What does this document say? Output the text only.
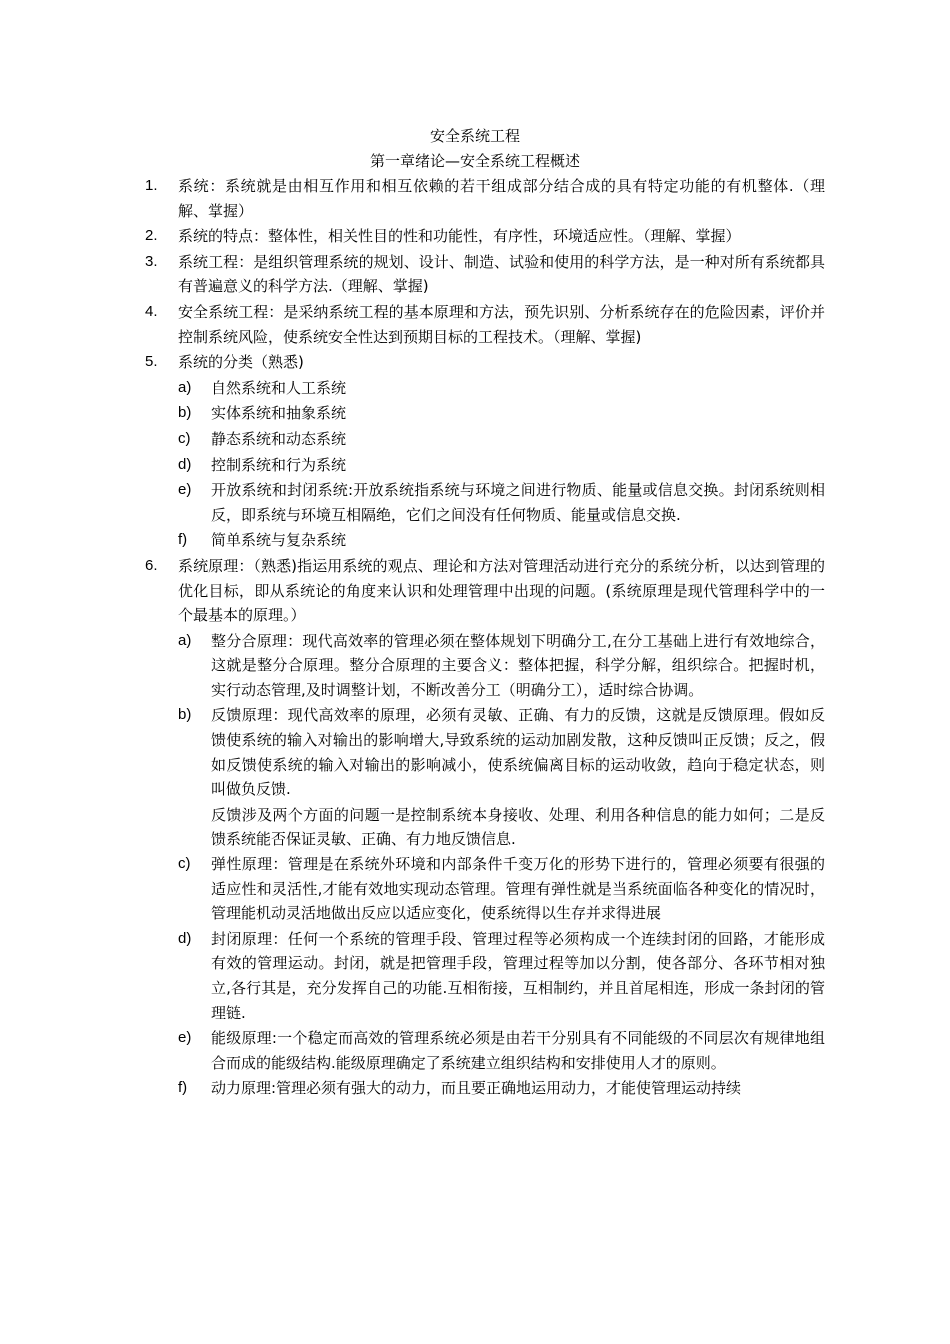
安全系统工程
第一章绪论—安全系统工程概述
1. 系统：系统就是由相互作用和相互依赖的若干组成部分结合成的具有特定功能的有机整体.（理解、掌握）
2. 系统的特点：整体性，相关性目的性和功能性，有序性，环境适应性。（理解、掌握）
3. 系统工程：是组织管理系统的规划、设计、制造、试验和使用的科学方法，是一种对所有系统都具有普遍意义的科学方法.（理解、掌握)
4. 安全系统工程：是采纳系统工程的基本原理和方法，预先识别、分析系统存在的危险因素，评价并控制系统风险，使系统安全性达到预期目标的工程技术。（理解、掌握)
5. 系统的分类（熟悉)
a) 自然系统和人工系统
b) 实体系统和抽象系统
c) 静态系统和动态系统
d) 控制系统和行为系统
e) 开放系统和封闭系统:开放系统指系统与环境之间进行物质、能量或信息交换。封闭系统则相反，即系统与环境互相隔绝，它们之间没有任何物质、能量或信息交换.
f) 简单系统与复杂系统
6. 系统原理：（熟悉)指运用系统的观点、理论和方法对管理活动进行充分的系统分析，以达到管理的优化目标，即从系统论的角度来认识和处理管理中出现的问题。(系统原理是现代管理科学中的一个最基本的原理。）
a) 整分合原理：现代高效率的管理必须在整体规划下明确分工,在分工基础上进行有效地综合，这就是整分合原理。整分合原理的主要含义：整体把握，科学分解，组织综合。把握时机，实行动态管理,及时调整计划，不断改善分工（明确分工），适时综合协调。
b) 反馈原理：现代高效率的原理，必须有灵敏、正确、有力的反馈，这就是反馈原理。假如反馈使系统的输入对输出的影响增大,导致系统的运动加剧发散，这种反馈叫正反馈；反之，假如反馈使系统的输入对输出的影响减小，使系统偏离目标的运动收敛，趋向于稳定状态，则叫做负反馈.
反馈涉及两个方面的问题一是控制系统本身接收、处理、利用各种信息的能力如何；二是反馈系统能否保证灵敏、正确、有力地反馈信息.
c) 弹性原理：管理是在系统外环境和内部条件千变万化的形势下进行的，管理必须要有很强的适应性和灵活性,才能有效地实现动态管理。管理有弹性就是当系统面临各种变化的情况时，管理能机动灵活地做出反应以适应变化，使系统得以生存并求得进展
d) 封闭原理：任何一个系统的管理手段、管理过程等必须构成一个连续封闭的回路，才能形成有效的管理运动。封闭，就是把管理手段，管理过程等加以分割，使各部分、各环节相对独立,各行其是，充分发挥自己的功能.互相衔接，互相制约，并且首尾相连，形成一条封闭的管理链.
e) 能级原理:一个稳定而高效的管理系统必须是由若干分别具有不同能级的不同层次有规律地组合而成的能级结构.能级原理确定了系统建立组织结构和安排使用人才的原则。
f) 动力原理:管理必须有强大的动力，而且要正确地运用动力，才能使管理运动持续
